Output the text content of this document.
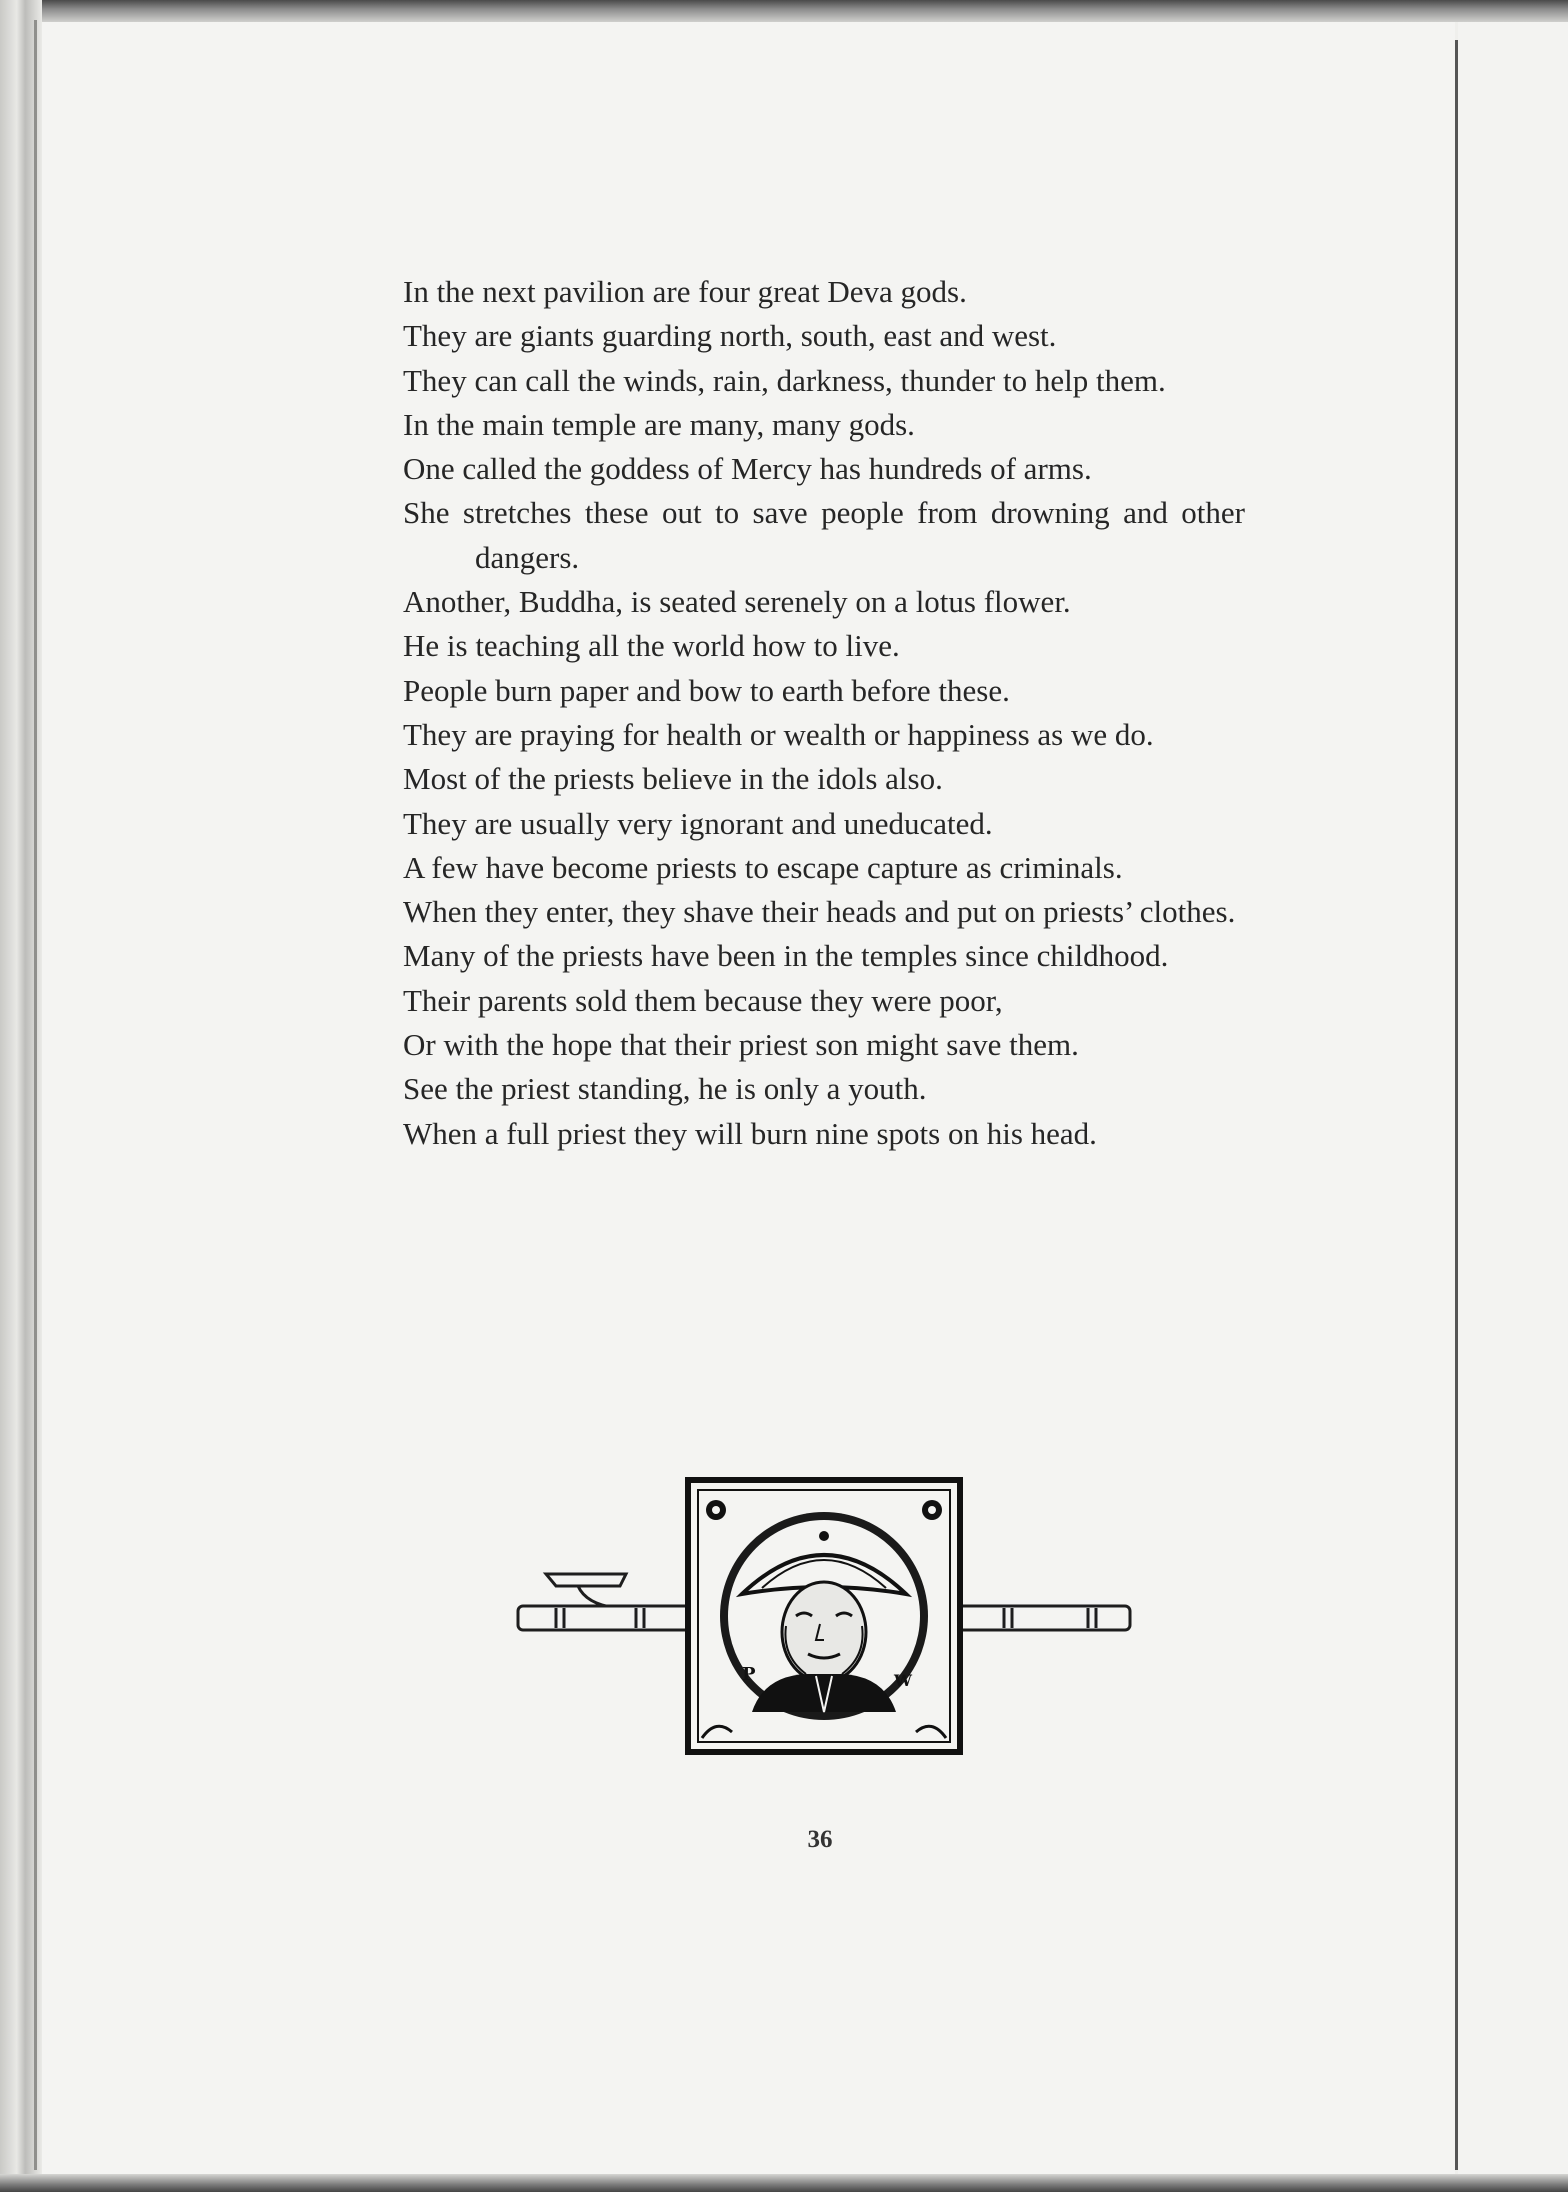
In the next pavilion are four great Deva gods.
They are giants guarding north, south, east and west.
They can call the winds, rain, darkness, thunder to help them.
In the main temple are many, many gods.
One called the goddess of Mercy has hundreds of arms.
She stretches these out to save people from drowning and other dangers.
Another, Buddha, is seated serenely on a lotus flower.
He is teaching all the world how to live.
People burn paper and bow to earth before these.
They are praying for health or wealth or happiness as we do.
Most of the priests believe in the idols also.
They are usually very ignorant and uneducated.
A few have become priests to escape capture as criminals.
When they enter, they shave their heads and put on priests’ clothes.
Many of the priests have been in the temples since childhood.
Their parents sold them because they were poor,
Or with the hope that their priest son might save them.
See the priest standing, he is only a youth.
When a full priest they will burn nine spots on his head.
P	W
36
